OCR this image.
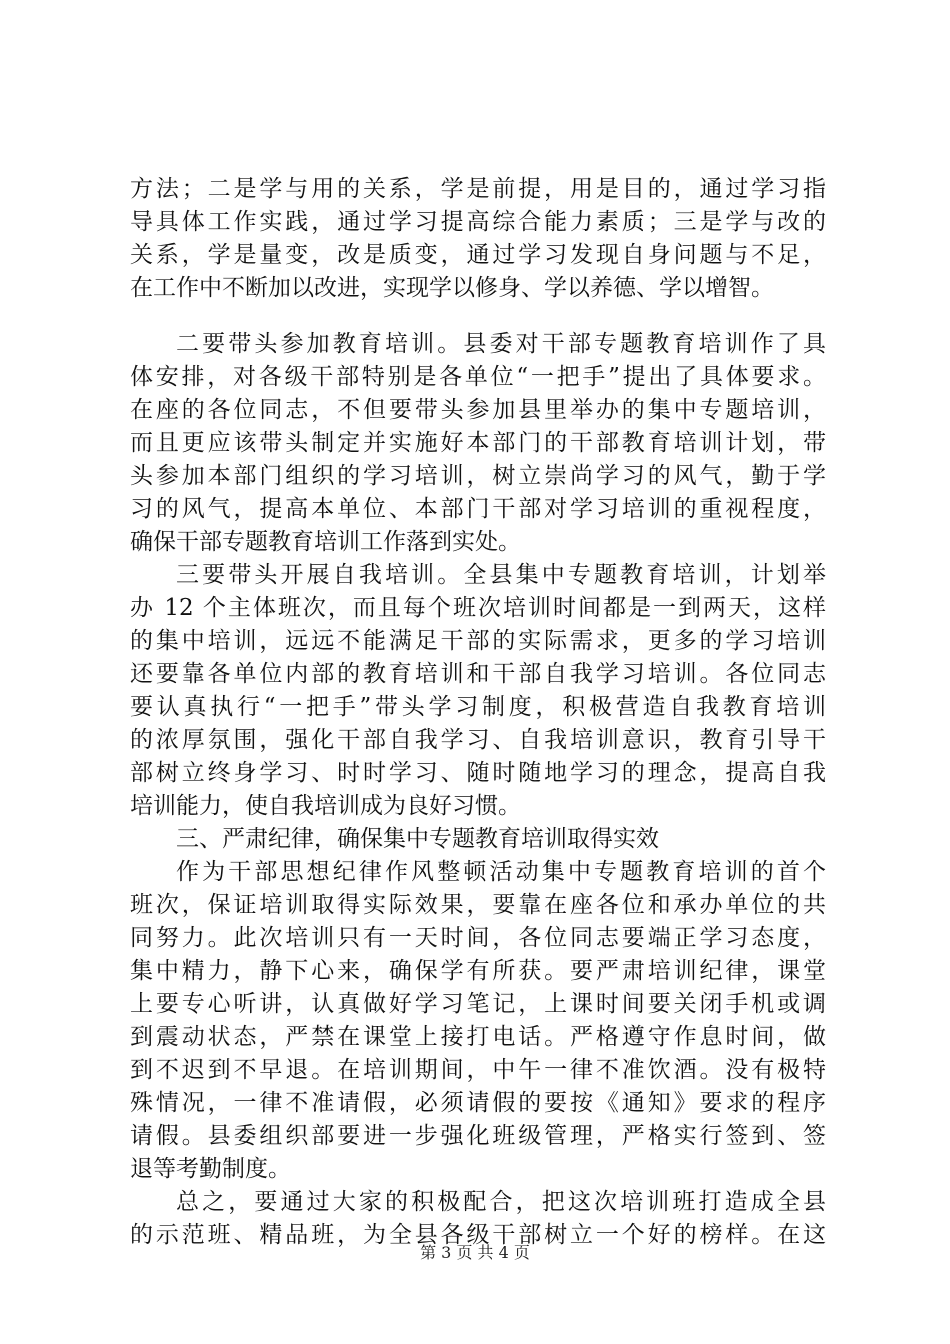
方法；二是学与用的关系，学是前提，用是目的，通过学习指
导具体工作实践，通过学习提高综合能力素质；三是学与改的
关系，学是量变，改是质变，通过学习发现自身问题与不足，
在工作中不断加以改进，实现学以修身、学以养德、学以增智。
二要带头参加教育培训。县委对干部专题教育培训作了具
体安排，对各级干部特别是各单位“一把手”提出了具体要求。
在座的各位同志，不但要带头参加县里举办的集中专题培训，
而且更应该带头制定并实施好本部门的干部教育培训计划，带
头参加本部门组织的学习培训，树立崇尚学习的风气，勤于学
习的风气，提高本单位、本部门干部对学习培训的重视程度，
确保干部专题教育培训工作落到实处。
三要带头开展自我培训。全县集中专题教育培训，计划举
办 12 个主体班次，而且每个班次培训时间都是一到两天，这样
的集中培训，远远不能满足干部的实际需求，更多的学习培训
还要靠各单位内部的教育培训和干部自我学习培训。各位同志
要认真执行“一把手”带头学习制度，积极营造自我教育培训
的浓厚氛围，强化干部自我学习、自我培训意识，教育引导干
部树立终身学习、时时学习、随时随地学习的理念，提高自我
培训能力，使自我培训成为良好习惯。
三、严肃纪律，确保集中专题教育培训取得实效
作为干部思想纪律作风整顿活动集中专题教育培训的首个
班次，保证培训取得实际效果，要靠在座各位和承办单位的共
同努力。此次培训只有一天时间，各位同志要端正学习态度，
集中精力，静下心来，确保学有所获。要严肃培训纪律，课堂
上要专心听讲，认真做好学习笔记，上课时间要关闭手机或调
到震动状态，严禁在课堂上接打电话。严格遵守作息时间，做
到不迟到不早退。在培训期间，中午一律不准饮酒。没有极特
殊情况，一律不准请假，必须请假的要按《通知》要求的程序
请假。县委组织部要进一步强化班级管理，严格实行签到、签
退等考勤制度。
总之，要通过大家的积极配合，把这次培训班打造成全县
的示范班、精品班，为全县各级干部树立一个好的榜样。在这
第 3 页 共 4 页
